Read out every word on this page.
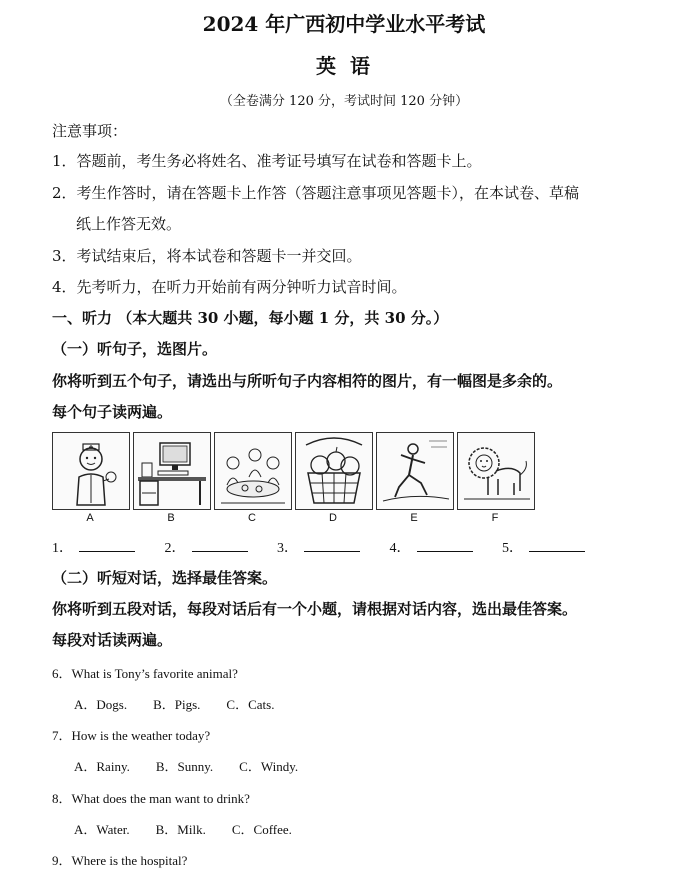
2024 年广西初中学业水平考试
英 语
（全卷满分 120 分，考试时间 120 分钟）
注意事项：
1．答题前，考生务必将姓名、准考证号填写在试卷和答题卡上。
2．考生作答时，请在答题卡上作答（答题注意事项见答题卡），在本试卷、草稿
纸上作答无效。
3．考试结束后，将本试卷和答题卡一并交回。
4．先考听力，在听力开始前有两分钟听力试音时间。
一、听力 （本大题共 30 小题，每小题 1 分，共 30 分。）
（一）听句子，选图片。
你将听到五个句子，请选出与所听句子内容相符的图片，有一幅图是多余的。
每个句子读两遍。
A	B	C	D	E	F
1．	2．	3．	4．	5．
（二）听短对话，选择最佳答案。
你将听到五段对话，每段对话后有一个小题，请根据对话内容，选出最佳答案。
每段对话读两遍。
6．What is Tony’s favorite animal?
A．Dogs. B．Pigs. C．Cats.
7．How is the weather today?
A．Rainy. B．Sunny. C．Windy.
8．What does the man want to drink?
A．Water. B．Milk. C．Coffee.
9．Where is the hospital?
